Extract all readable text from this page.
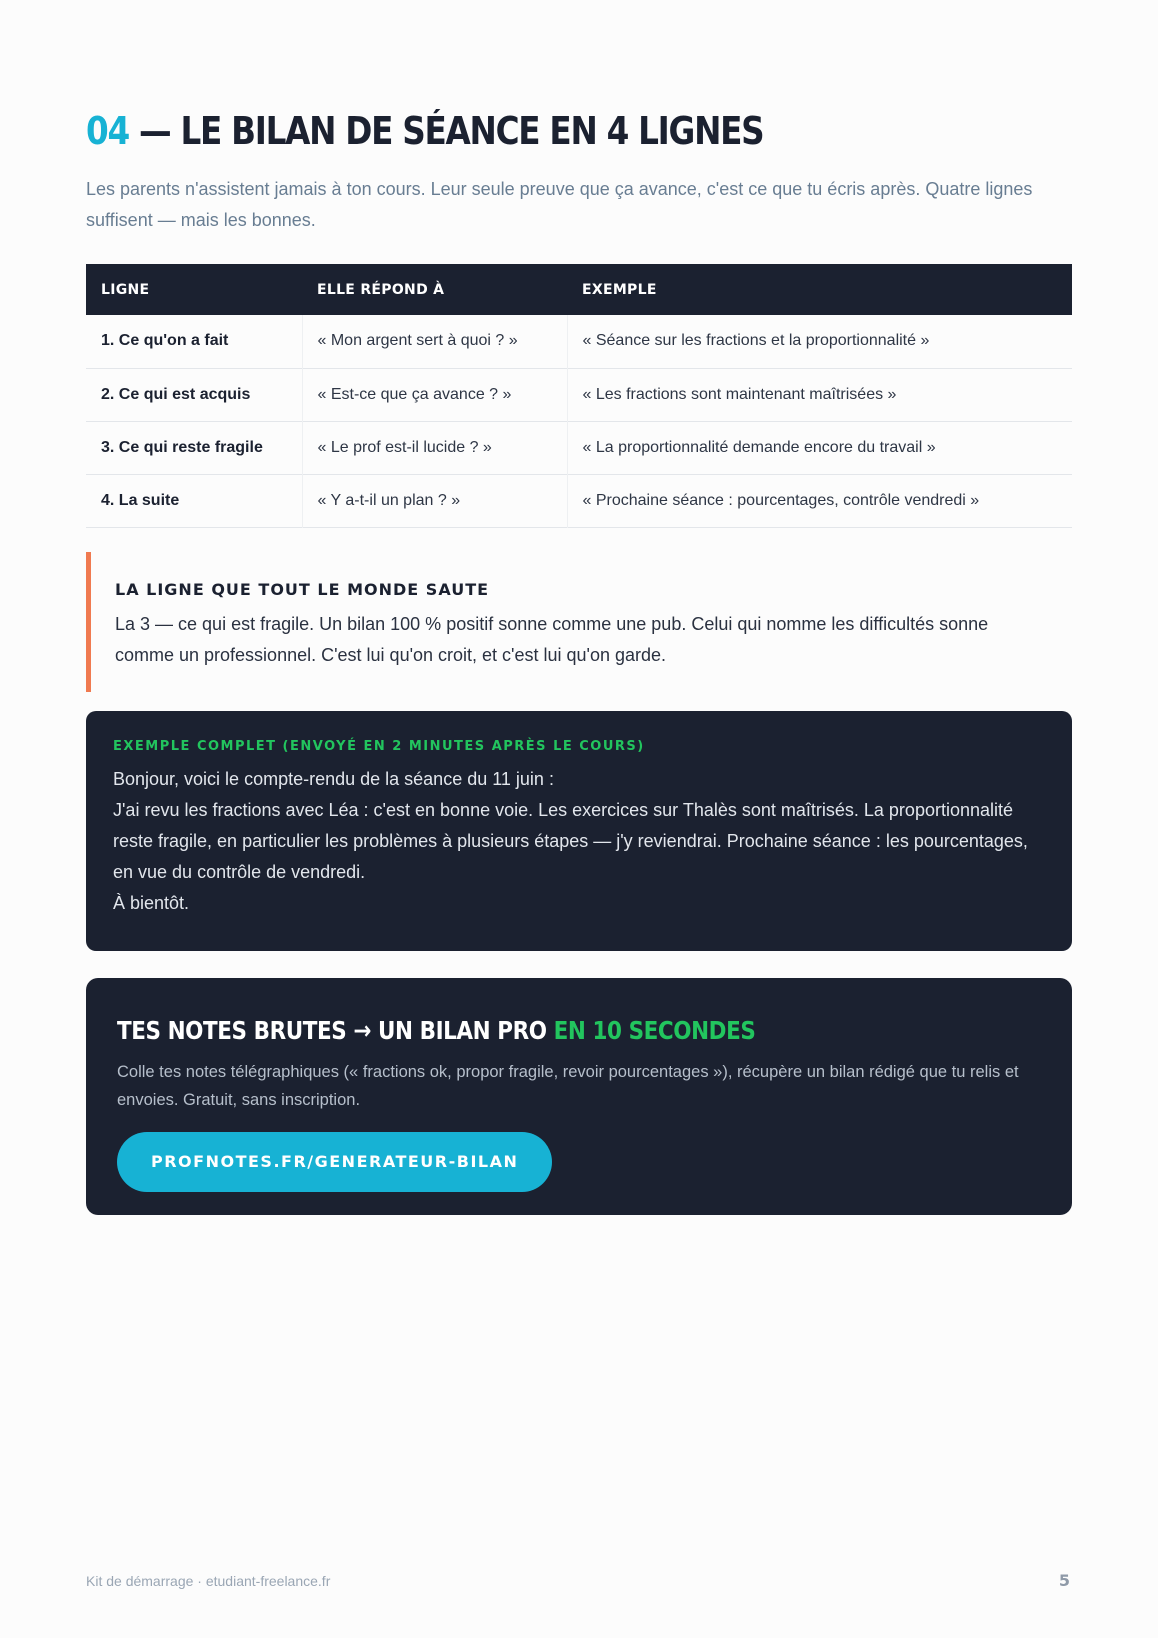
04 — LE BILAN DE SÉANCE EN 4 LIGNES

Les parents n'assistent jamais à ton cours. Leur seule preuve que ça avance, c'est ce que tu écris après. Quatre lignes suffisent — mais les bonnes.

LIGNE	ELLE RÉPOND À	EXEMPLE
1. Ce qu'on a fait	« Mon argent sert à quoi ? »	« Séance sur les fractions et la proportionnalité »
2. Ce qui est acquis	« Est-ce que ça avance ? »	« Les fractions sont maintenant maîtrisées »
3. Ce qui reste fragile	« Le prof est-il lucide ? »	« La proportionnalité demande encore du travail »
4. La suite	« Y a-t-il un plan ? »	« Prochaine séance : pourcentages, contrôle vendredi »
LA LIGNE QUE TOUT LE MONDE SAUTE

La 3 — ce qui est fragile. Un bilan 100 % positif sonne comme une pub. Celui qui nomme les difficultés sonne comme un professionnel. C'est lui qu'on croit, et c'est lui qu'on garde.

EXEMPLE COMPLET (ENVOYÉ EN 2 MINUTES APRÈS LE COURS)
Bonjour, voici le compte-rendu de la séance du 11 juin :
J'ai revu les fractions avec Léa : c'est en bonne voie. Les exercices sur Thalès sont maîtrisés. La proportionnalité reste fragile, en particulier les problèmes à plusieurs étapes — j'y reviendrai. Prochaine séance : les pourcentages, en vue du contrôle de vendredi.
À bientôt.
TES NOTES BRUTES → UN BILAN PRO EN 10 SECONDES

Colle tes notes télégraphiques (« fractions ok, propor fragile, revoir pourcentages »), récupère un bilan rédigé que tu relis et envoies. Gratuit, sans inscription.

PROFNOTES.FR/GENERATEUR-BILAN
Kit de démarrage · etudiant-freelance.fr	5
